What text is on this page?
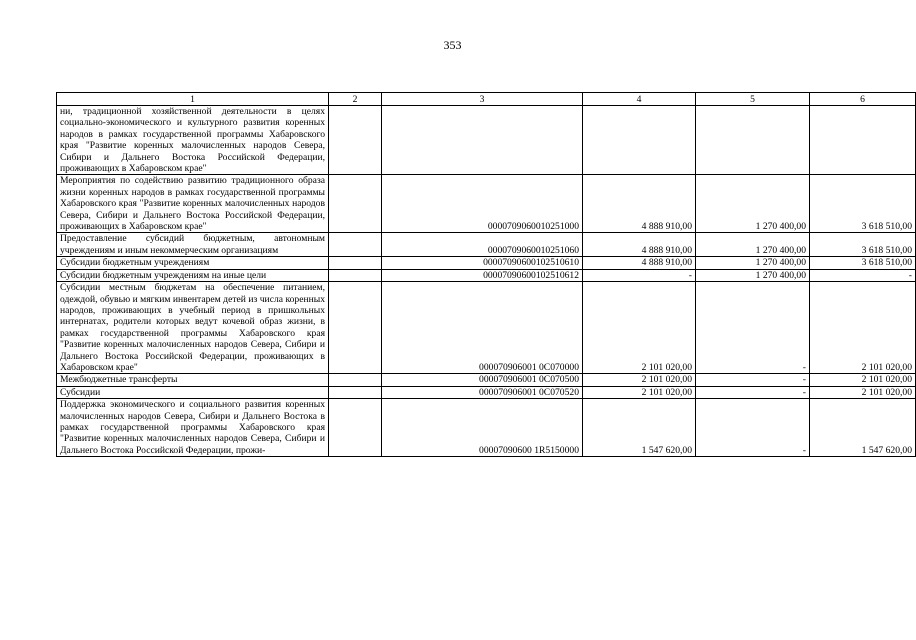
353
1	2	3	4	5	6
ни, традиционной хозяйственной деятельности в целях социально-экономического и культурного развития коренных народов в рамках государственной программы Хабаровского края "Развитие коренных малочисленных народов Севера, Сибири и Дальнего Востока Российской Федерации, проживающих в Хабаровском крае"					
Мероприятия по содействию развитию традиционного образа жизни коренных народов в рамках государственной программы Хабаровского края "Развитие коренных малочисленных народов Севера, Сибири и Дальнего Востока Российской Федерации, проживающих в Хабаровском крае"		0000709060010251000	4 888 910,00	1 270 400,00	3 618 510,00
Предоставление субсидий бюджетным, автономным учреждениям и иным некоммерческим организациям		0000709060010251060	4 888 910,00	1 270 400,00	3 618 510,00
Субсидии бюджетным учреждениям		00007090600102510610	4 888 910,00	1 270 400,00	3 618 510,00
Субсидии бюджетным учреждениям на иные цели		00007090600102510612	-	1 270 400,00	-
Субсидии местным бюджетам на обеспечение питанием, одеждой, обувью и мягким инвентарем детей из числа коренных народов, проживающих в учебный период в пришкольных интернатах, родители которых ведут кочевой образ жизни, в рамках государственной программы Хабаровского края "Развитие коренных малочисленных народов Севера, Сибири и Дальнего Востока Российской Федерации, проживающих в Хабаровском крае"		000070906001 0C070000	2 101 020,00	-	2 101 020,00
Межбюджетные трансферты		000070906001 0C070500	2 101 020,00	-	2 101 020,00
Субсидии		000070906001 0C070520	2 101 020,00	-	2 101 020,00
Поддержка экономического и социального развития коренных малочисленных народов Севера, Сибири и Дальнего Востока в рамках государственной программы Хабаровского края "Развитие коренных малочисленных народов Севера, Сибири и Дальнего Востока Российской Федерации, прожи-		00007090600 1R5150000	1 547 620,00	-	1 547 620,00
